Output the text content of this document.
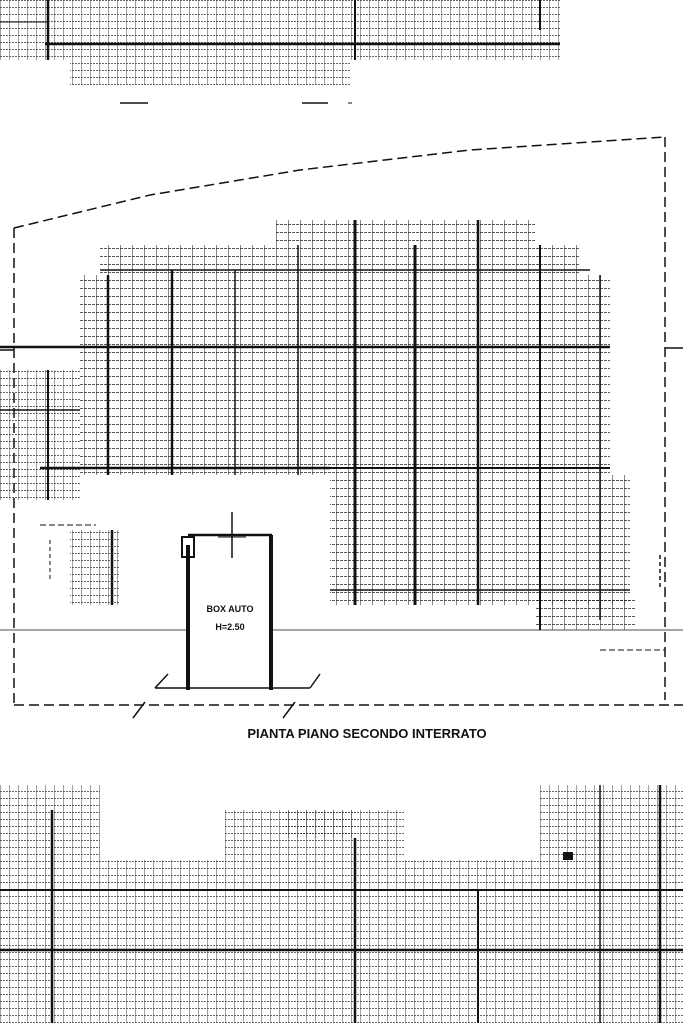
BOX AUTO
H=2.50
PIANTA PIANO SECONDO INTERRATO
